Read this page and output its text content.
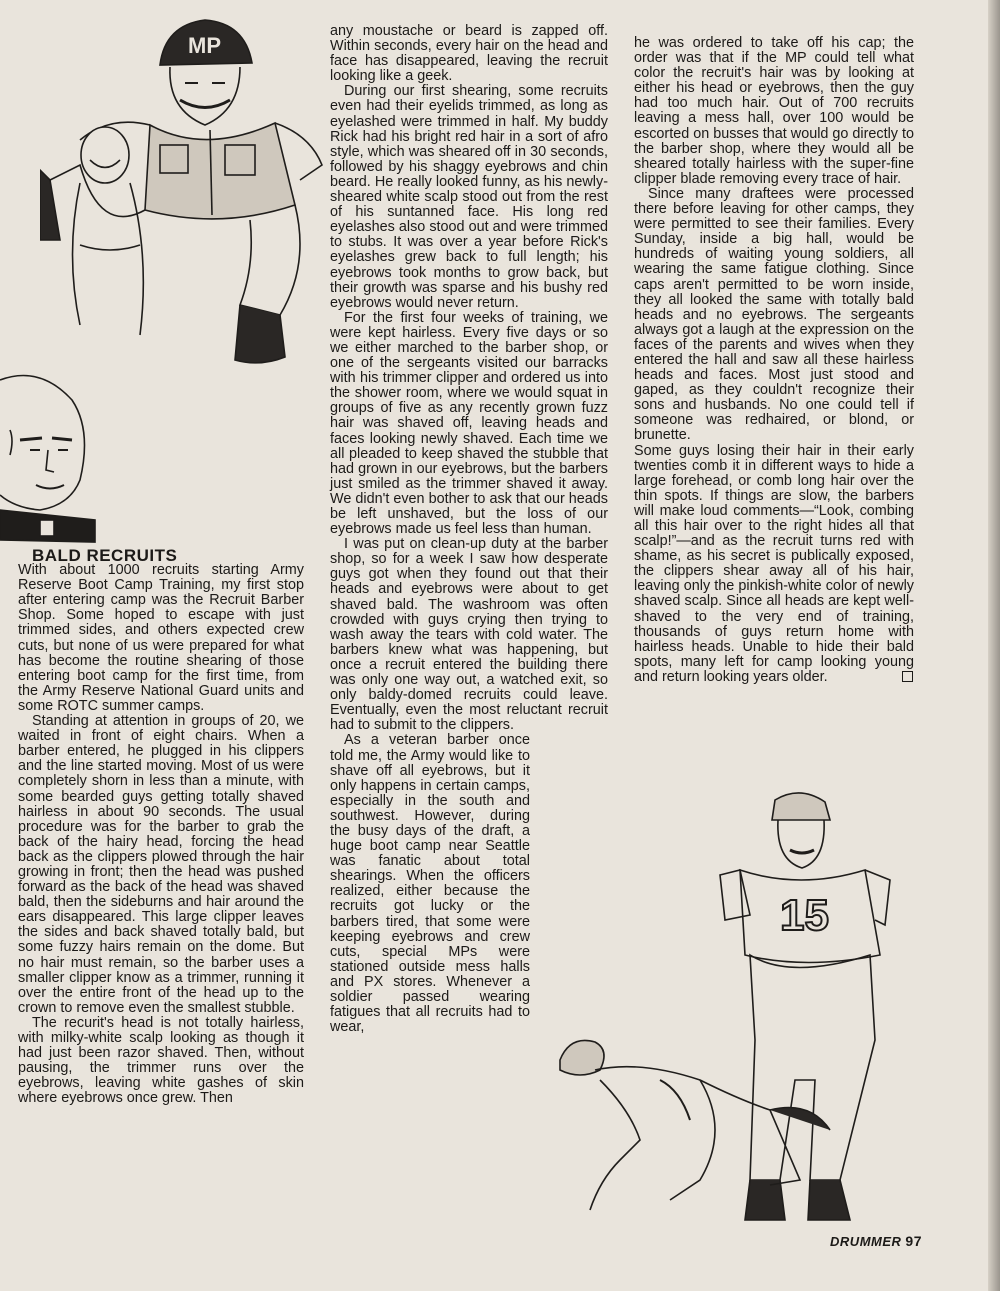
MP

BALD RECRUITS

With about 1000 recruits starting Army Reserve Boot Camp Training, my first stop after entering camp was the Recruit Barber Shop. Some hoped to escape with just trimmed sides, and others expected crew cuts, but none of us were prepared for what has become the routine shearing of those entering boot camp for the first time, from the Army Reserve National Guard units and some ROTC summer camps.

Standing at attention in groups of 20, we waited in front of eight chairs. When a barber entered, he plugged in his clippers and the line started moving. Most of us were completely shorn in less than a minute, with some bearded guys getting totally shaved hairless in about 90 seconds. The usual procedure was for the barber to grab the back of the hairy head, forcing the head back as the clippers plowed through the hair growing in front; then the head was pushed forward as the back of the head was shaved bald, then the sideburns and hair around the ears disappeared. This large clipper leaves the sides and back shaved totally bald, but some fuzzy hairs remain on the dome. But no hair must remain, so the barber uses a smaller clipper know as a trimmer, running it over the entire front of the head up to the crown to remove even the smallest stubble.

The recurit's head is not totally hairless, with milky-white scalp looking as though it had just been razor shaved. Then, without pausing, the trimmer runs over the eyebrows, leaving white gashes of skin where eyebrows once grew. Then

any moustache or beard is zapped off. Within seconds, every hair on the head and face has disappeared, leaving the recruit looking like a geek.

During our first shearing, some recruits even had their eyelids trimmed, as long as eyelashed were trimmed in half. My buddy Rick had his bright red hair in a sort of afro style, which was sheared off in 30 seconds, followed by his shaggy eyebrows and chin beard. He really looked funny, as his newly-sheared white scalp stood out from the rest of his suntanned face. His long red eyelashes also stood out and were trimmed to stubs. It was over a year before Rick's eyelashes grew back to full length; his eyebrows took months to grow back, but their growth was sparse and his bushy red eyebrows would never return.

For the first four weeks of training, we were kept hairless. Every five days or so we either marched to the barber shop, or one of the sergeants visited our barracks with his trimmer clipper and ordered us into the shower room, where we would squat in groups of five as any recently grown fuzz hair was shaved off, leaving heads and faces looking newly shaved. Each time we all pleaded to keep shaved the stubble that had grown in our eyebrows, but the barbers just smiled as the trimmer shaved it away. We didn't even bother to ask that our heads be left unshaved, but the loss of our eyebrows made us feel less than human.

I was put on clean-up duty at the barber shop, so for a week I saw how desperate guys got when they found out that their heads and eyebrows were about to get shaved bald. The washroom was often crowded with guys crying then trying to wash away the tears with cold water. The barbers knew what was happening, but once a recruit entered the building there was only one way out, a watched exit, so only baldy-domed recruits could leave. Eventually, even the most reluctant recruit had to submit to the clippers.

As a veteran barber once told me, the Army would like to shave off all eyebrows, but it only happens in certain camps, especially in the south and southwest. However, during the busy days of the draft, a huge boot camp near Seattle was fanatic about total shearings. When the officers realized, either because the recruits got lucky or the barbers tired, that some were keeping eyebrows and crew cuts, special MPs were stationed outside mess halls and PX stores. Whenever a soldier passed wearing fatigues that all recruits had to wear,

he was ordered to take off his cap; the order was that if the MP could tell what color the recruit's hair was by looking at either his head or eyebrows, then the guy had too much hair. Out of 700 recruits leaving a mess hall, over 100 would be escorted on busses that would go directly to the barber shop, where they would all be sheared totally hairless with the super-fine clipper blade removing every trace of hair.

Since many draftees were processed there before leaving for other camps, they were permitted to see their families. Every Sunday, inside a big hall, would be hundreds of waiting young soldiers, all wearing the same fatigue clothing. Since caps aren't permitted to be worn inside, they all looked the same with totally bald heads and no eyebrows. The sergeants always got a laugh at the expression on the faces of the parents and wives when they entered the hall and saw all these hairless heads and faces. Most just stood and gaped, as they couldn't recognize their sons and husbands. No one could tell if someone was redhaired, or blond, or brunette.

Some guys losing their hair in their early twenties comb it in different ways to hide a large forehead, or comb long hair over the thin spots. If things are slow, the barbers will make loud comments—“Look, combing all this hair over to the right hides all that scalp!”—and as the recruit turns red with shame, as his secret is publically exposed, the clippers shear away all of his hair, leaving only the pinkish-white color of newly shaved scalp. Since all heads are kept well-shaved to the very end of training, thousands of guys return home with hairless heads. Unable to hide their bald spots, many left for camp looking young and return looking years older.

15
DRUMMER 97
